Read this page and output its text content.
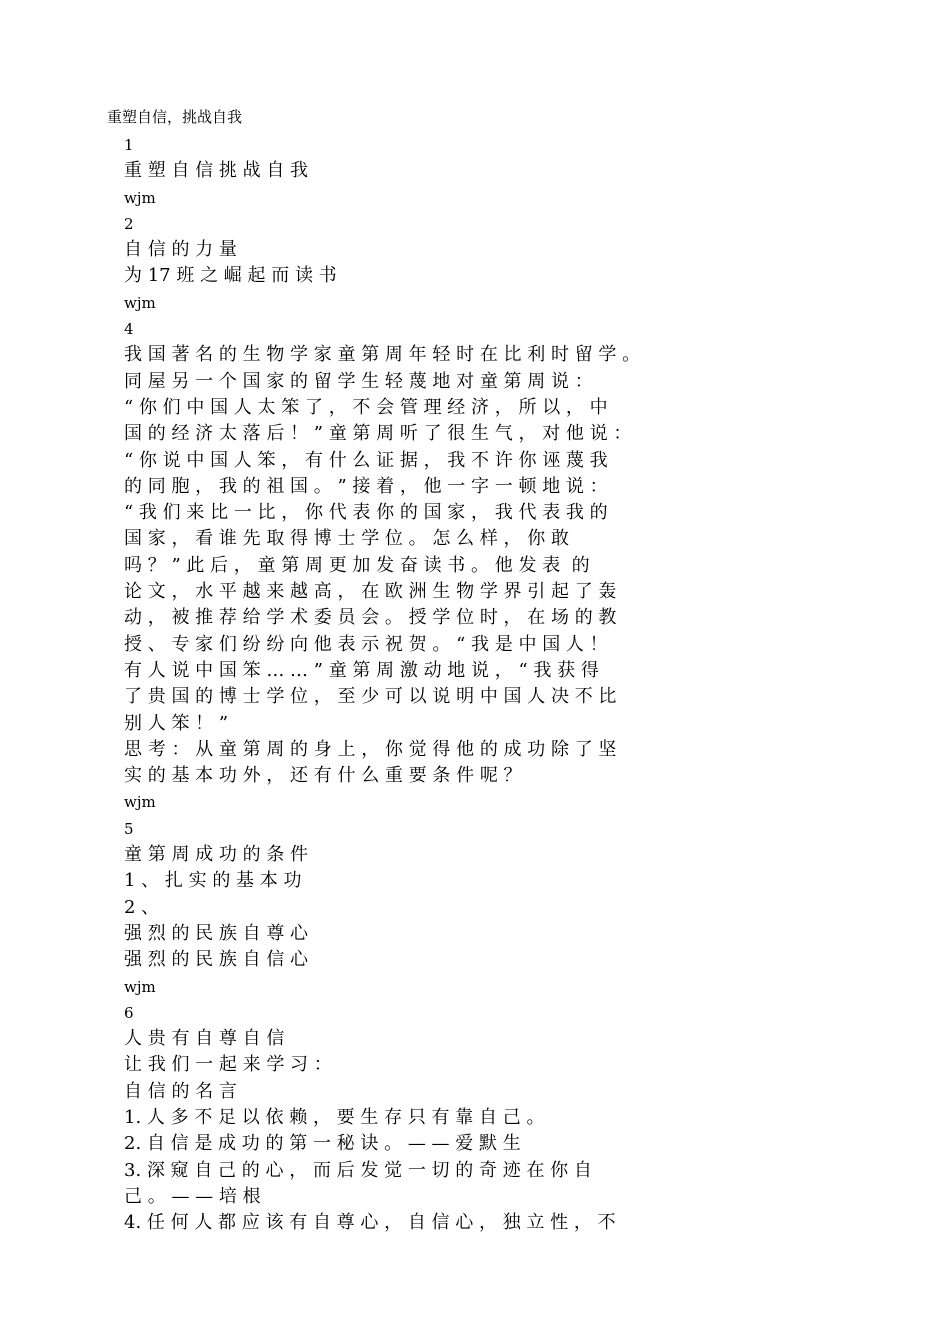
重塑自信，挑战自我
1
重 塑 自 信 挑 战 自 我
wjm
2
自 信 的 力 量
为 17 班 之 崛 起 而 读 书
wjm
4
我 国 著 名 的 生 物 学 家 童 第 周 年 轻 时 在 比 利 时 留 学 。
同 屋 另 一 个 国 家 的 留 学 生 轻 蔑 地 对 童 第 周 说 ：
“ 你 们 中 国 人 太 笨 了 ， 不 会 管 理 经 济 ， 所 以 ， 中
国 的 经 济 太 落 后 ！ ” 童 第 周 听 了 很 生 气 ， 对 他 说 ：
“ 你 说 中 国 人 笨 ， 有 什 么 证 据 ， 我 不 许 你 诬 蔑 我
的 同 胞 ， 我 的 祖 国 。 ” 接 着 ， 他 一 字 一 顿 地 说 ：
“ 我 们 来 比 一 比 ， 你 代 表 你 的 国 家 ， 我 代 表 我 的
国 家 ， 看 谁 先 取 得 博 士 学 位 。 怎 么 样 ， 你 敢
吗 ？ ” 此 后 ， 童 第 周 更 加 发 奋 读 书 。 他 发 表  的
论 文 ， 水 平 越 来 越 高 ， 在 欧 洲 生 物 学 界 引 起 了 轰
动 ， 被 推 荐 给 学 术 委 员 会 。 授 学 位 时 ， 在 场 的 教
授 、 专 家 们 纷 纷 向 他 表 示 祝 贺 。 “ 我 是 中 国 人 ！
有 人 说 中 国 笨 … … ” 童 第 周 激 动 地 说 ， “ 我 获 得
了 贵 国 的 博 士 学 位 ， 至 少 可 以 说 明 中 国 人 决 不 比
别 人 笨 ！ ”
思 考 ： 从 童 第 周 的 身 上 ， 你 觉 得 他 的 成 功 除 了 坚
实 的 基 本 功 外 ， 还 有 什 么 重 要 条 件 呢 ？
wjm
5
童 第 周 成 功 的 条 件
1 、 扎 实 的 基 本 功
2 、
强 烈 的 民 族 自 尊 心
强 烈 的 民 族 自 信 心
wjm
6
人 贵 有 自 尊 自 信
让 我 们 一 起 来 学 习 ：
自 信 的 名 言
1. 人 多 不 足 以 依 赖 ， 要 生 存 只 有 靠 自 己 。
2. 自 信 是 成 功 的 第 一 秘 诀 。 — — 爱 默 生
3. 深 窥 自 己 的 心 ， 而 后 发 觉 一 切 的 奇 迹 在 你 自
己 。 — — 培 根
4. 任 何 人 都 应 该 有 自 尊 心 ， 自 信 心 ， 独 立 性 ， 不
